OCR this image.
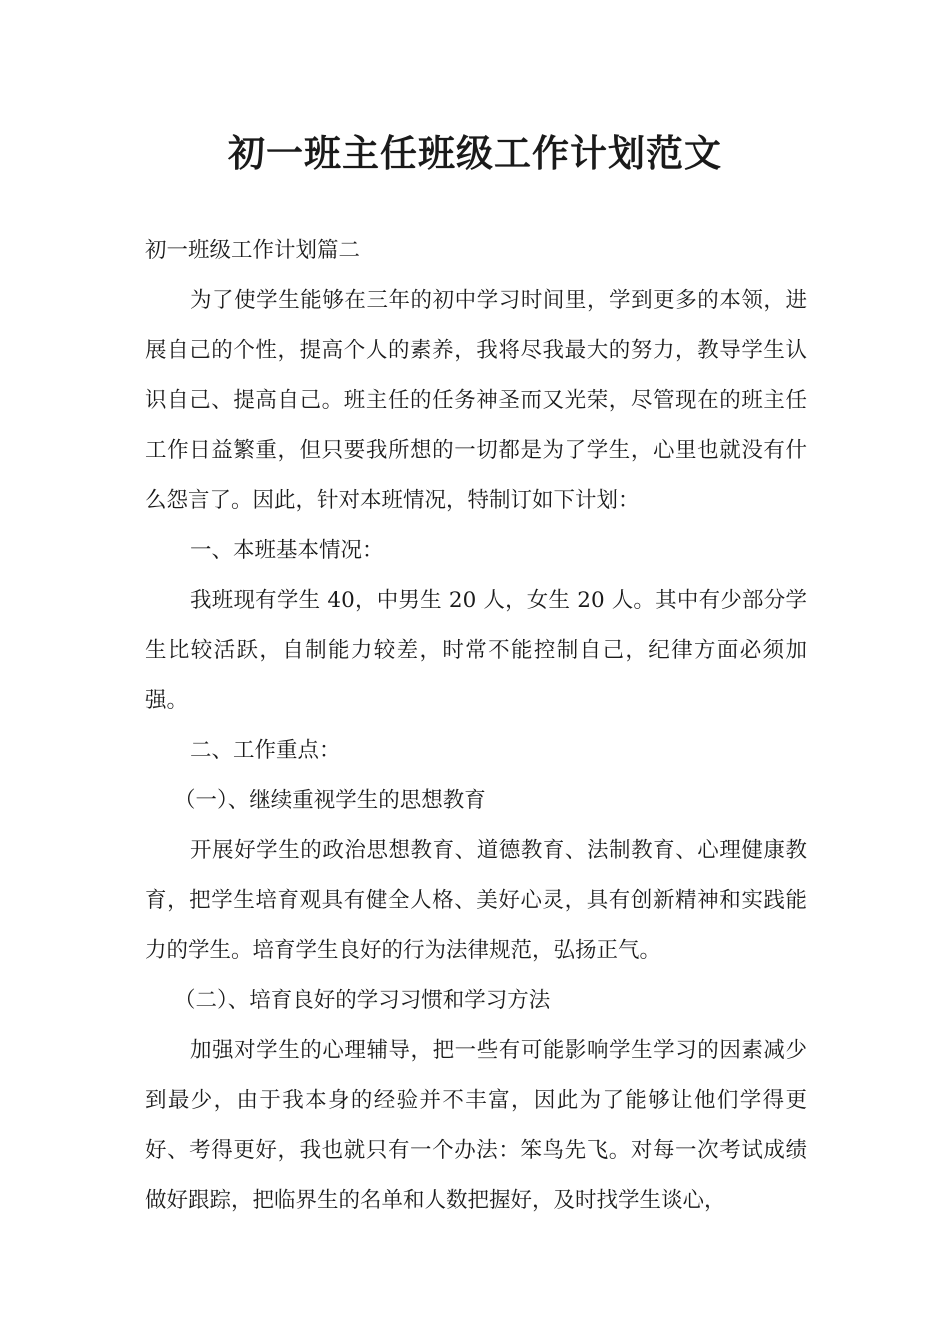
初一班主任班级工作计划范文

初一班级工作计划篇二

为了使学生能够在三年的初中学习时间里，学到更多的本领，进展自己的个性，提高个人的素养，我将尽我最大的努力，教导学生认识自己、提高自己。班主任的任务神圣而又光荣，尽管现在的班主任工作日益繁重，但只要我所想的一切都是为了学生，心里也就没有什么怨言了。因此，针对本班情况，特制订如下计划：

一、本班基本情况：

我班现有学生 40，中男生 20 人，女生 20 人。其中有少部分学生比较活跃，自制能力较差，时常不能控制自己，纪律方面必须加强。

二、工作重点：

（一）、继续重视学生的思想教育

开展好学生的政治思想教育、道德教育、法制教育、心理健康教育，把学生培育观具有健全人格、美好心灵，具有创新精神和实践能力的学生。培育学生良好的行为法律规范，弘扬正气。

（二）、培育良好的学习习惯和学习方法

加强对学生的心理辅导，把一些有可能影响学生学习的因素减少到最少，由于我本身的经验并不丰富，因此为了能够让他们学得更好、考得更好，我也就只有一个办法：笨鸟先飞。对每一次考试成绩做好跟踪，把临界生的名单和人数把握好，及时找学生谈心，
